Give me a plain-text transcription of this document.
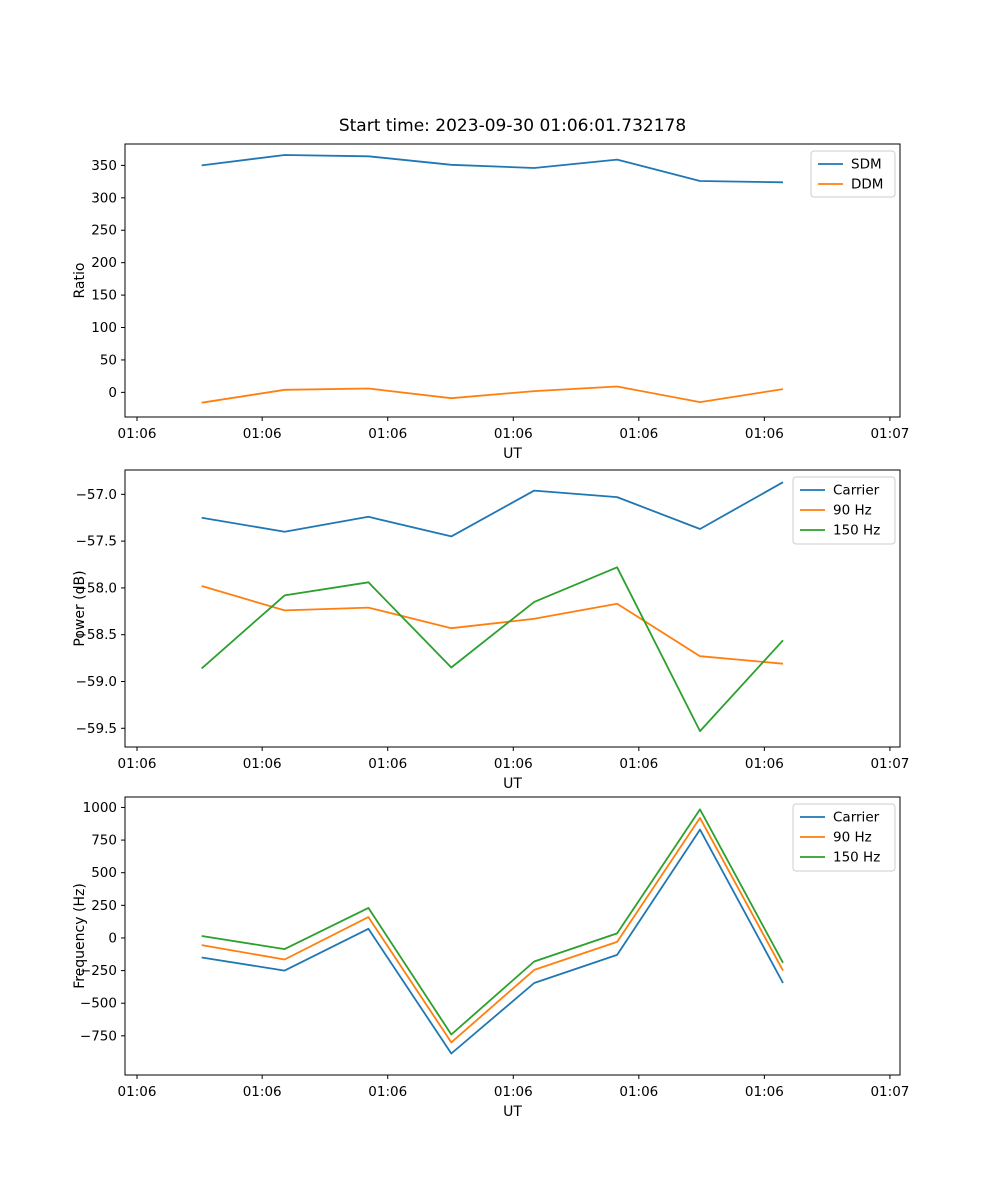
Start time: 2023-09-30 01:06:01.732178
0
50
100
150
200
250
300
350
01:06	01:06	01:06	01:06	01:06	01:06	01:07
UT
Ratio
SDM
DDM
−57.0
−57.5
−58.0
−58.5
−59.0
−59.5
01:06	01:06	01:06	01:06	01:06	01:06	01:07
UT
Power (dB)
Carrier
90 Hz
150 Hz
1000
750
500
250
0
−250
−500
−750
01:06	01:06	01:06	01:06	01:06	01:06	01:07
UT
Frequency (Hz)
Carrier
90 Hz
150 Hz
